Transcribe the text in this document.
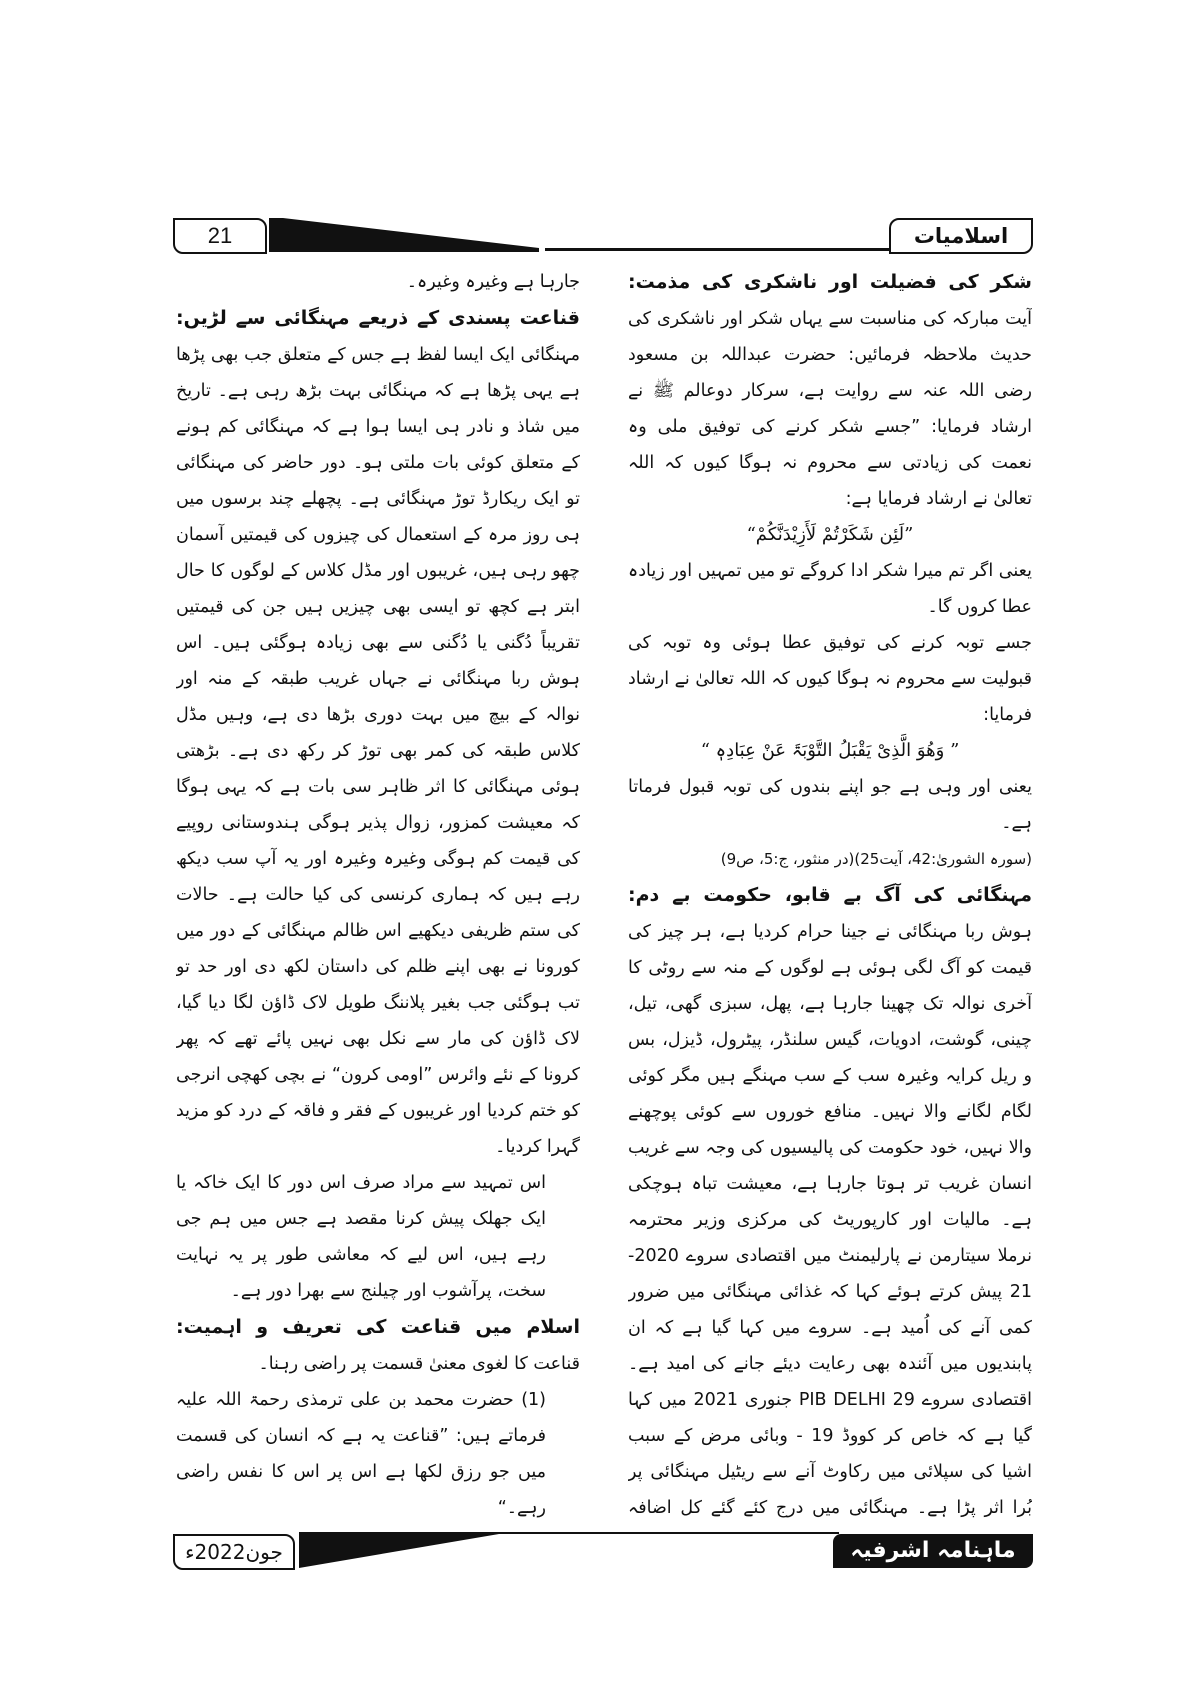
21	اسلامیات

شکر کی فضیلت اور ناشکری کی مذمت: آیت مبارکہ کی مناسبت سے یہاں شکر اور ناشکری کی حدیث ملاحظہ فرمائیں: حضرت عبداللہ بن مسعود رضی اللہ عنہ سے روایت ہے، سرکار دوعالم ﷺ نے ارشاد فرمایا: ”جسے شکر کرنے کی توفیق ملی وہ نعمت کی زیادتی سے محروم نہ ہوگا کیوں کہ اللہ تعالیٰ نے ارشاد فرمایا ہے:

”لَئِن شَکَرْتُمْ لَأَزِیْدَنَّکُمْ“

یعنی اگر تم میرا شکر ادا کروگے تو میں تمہیں اور زیادہ عطا کروں گا۔

جسے توبہ کرنے کی توفیق عطا ہوئی وہ توبہ کی قبولیت سے محروم نہ ہوگا کیوں کہ اللہ تعالیٰ نے ارشاد فرمایا:

” وَھُوَ الَّذِیْ یَقْبَلُ التَّوْبَۃَ عَنْ عِبَادِہٖ “

یعنی اور وہی ہے جو اپنے بندوں کی توبہ قبول فرماتا ہے۔

(سورہ الشوریٰ:42، آیت25)(در منثور، ج:5، ص9)

مہنگائی کی آگ بے قابو، حکومت بے دم: ہوش ربا مہنگائی نے جینا حرام کردیا ہے، ہر چیز کی قیمت کو آگ لگی ہوئی ہے لوگوں کے منہ سے روٹی کا آخری نوالہ تک چھینا جارہا ہے، پھل، سبزی گھی، تیل، چینی، گوشت، ادویات، گیس سلنڈر، پیٹرول، ڈیزل، بس و ریل کرایہ وغیرہ سب کے سب مہنگے ہیں مگر کوئی لگام لگانے والا نہیں۔ منافع خوروں سے کوئی پوچھنے والا نہیں، خود حکومت کی پالیسیوں کی وجہ سے غریب انسان غریب تر ہوتا جارہا ہے، معیشت تباہ ہوچکی ہے۔ مالیات اور کارپوریٹ کی مرکزی وزیر محترمہ نرملا سیتارمن نے پارلیمنٹ میں اقتصادی سروے 2020-21 پیش کرتے ہوئے کہا کہ غذائی مہنگائی میں ضرور کمی آنے کی اُمید ہے۔ سروے میں کہا گیا ہے کہ ان پابندیوں میں آئندہ بھی رعایت دیئے جانے کی امید ہے۔ اقتصادی سروے PIB DELHI 29 جنوری 2021 میں کہا گیا ہے کہ خاص کر کووڈ 19 - وبائی مرض کے سبب اشیا کی سپلائی میں رکاوٹ آنے سے ریٹیل مہنگائی پر بُرا اثر پڑا ہے۔ مہنگائی میں درج کئے گئے کل اضافہ

جارہا ہے وغیرہ وغیرہ۔

قناعت پسندی کے ذریعے مہنگائی سے لڑیں: مہنگائی ایک ایسا لفظ ہے جس کے متعلق جب بھی پڑھا ہے یہی پڑھا ہے کہ مہنگائی بہت بڑھ رہی ہے۔ تاریخ میں شاذ و نادر ہی ایسا ہوا ہے کہ مہنگائی کم ہونے کے متعلق کوئی بات ملتی ہو۔ دور حاضر کی مہنگائی تو ایک ریکارڈ توڑ مہنگائی ہے۔ پچھلے چند برسوں میں ہی روز مرہ کے استعمال کی چیزوں کی قیمتیں آسمان چھو رہی ہیں، غریبوں اور مڈل کلاس کے لوگوں کا حال ابتر ہے کچھ تو ایسی بھی چیزیں ہیں جن کی قیمتیں تقریباً دُگنی یا دُگنی سے بھی زیادہ ہوگئی ہیں۔ اس ہوش ربا مہنگائی نے جہاں غریب طبقہ کے منہ اور نوالہ کے بیچ میں بہت دوری بڑھا دی ہے، وہیں مڈل کلاس طبقہ کی کمر بھی توڑ کر رکھ دی ہے۔ بڑھتی ہوئی مہنگائی کا اثر ظاہر سی بات ہے کہ یہی ہوگا کہ معیشت کمزور، زوال پذیر ہوگی ہندوستانی روپیے کی قیمت کم ہوگی وغیرہ وغیرہ اور یہ آپ سب دیکھ رہے ہیں کہ ہماری کرنسی کی کیا حالت ہے۔ حالات کی ستم ظریفی دیکھیے اس ظالم مہنگائی کے دور میں کورونا نے بھی اپنے ظلم کی داستان لکھ دی اور حد تو تب ہوگئی جب بغیر پلاننگ طویل لاک ڈاؤن لگا دیا گیا، لاک ڈاؤن کی مار سے نکل بھی نہیں پائے تھے کہ پھر کرونا کے نئے وائرس ”اومی کرون“ نے بچی کھچی انرجی کو ختم کردیا اور غریبوں کے فقر و فاقہ کے درد کو مزید گہرا کردیا۔

اس تمہید سے مراد صرف اس دور کا ایک خاکہ یا ایک جھلک پیش کرنا مقصد ہے جس میں ہم جی رہے ہیں، اس لیے کہ معاشی طور پر یہ نہایت سخت، پرآشوب اور چیلنج سے بھرا دور ہے۔

اسلام میں قناعت کی تعریف و اہمیت: قناعت کا لغوی معنیٰ قسمت پر راضی رہنا۔

(1) حضرت محمد بن علی ترمذی رحمۃ اللہ علیہ فرماتے ہیں: ”قناعت یہ ہے کہ انسان کی قسمت میں جو رزق لکھا ہے اس پر اس کا نفس راضی رہے۔“

جون2022ء	ماہنامہ اشرفیہ
